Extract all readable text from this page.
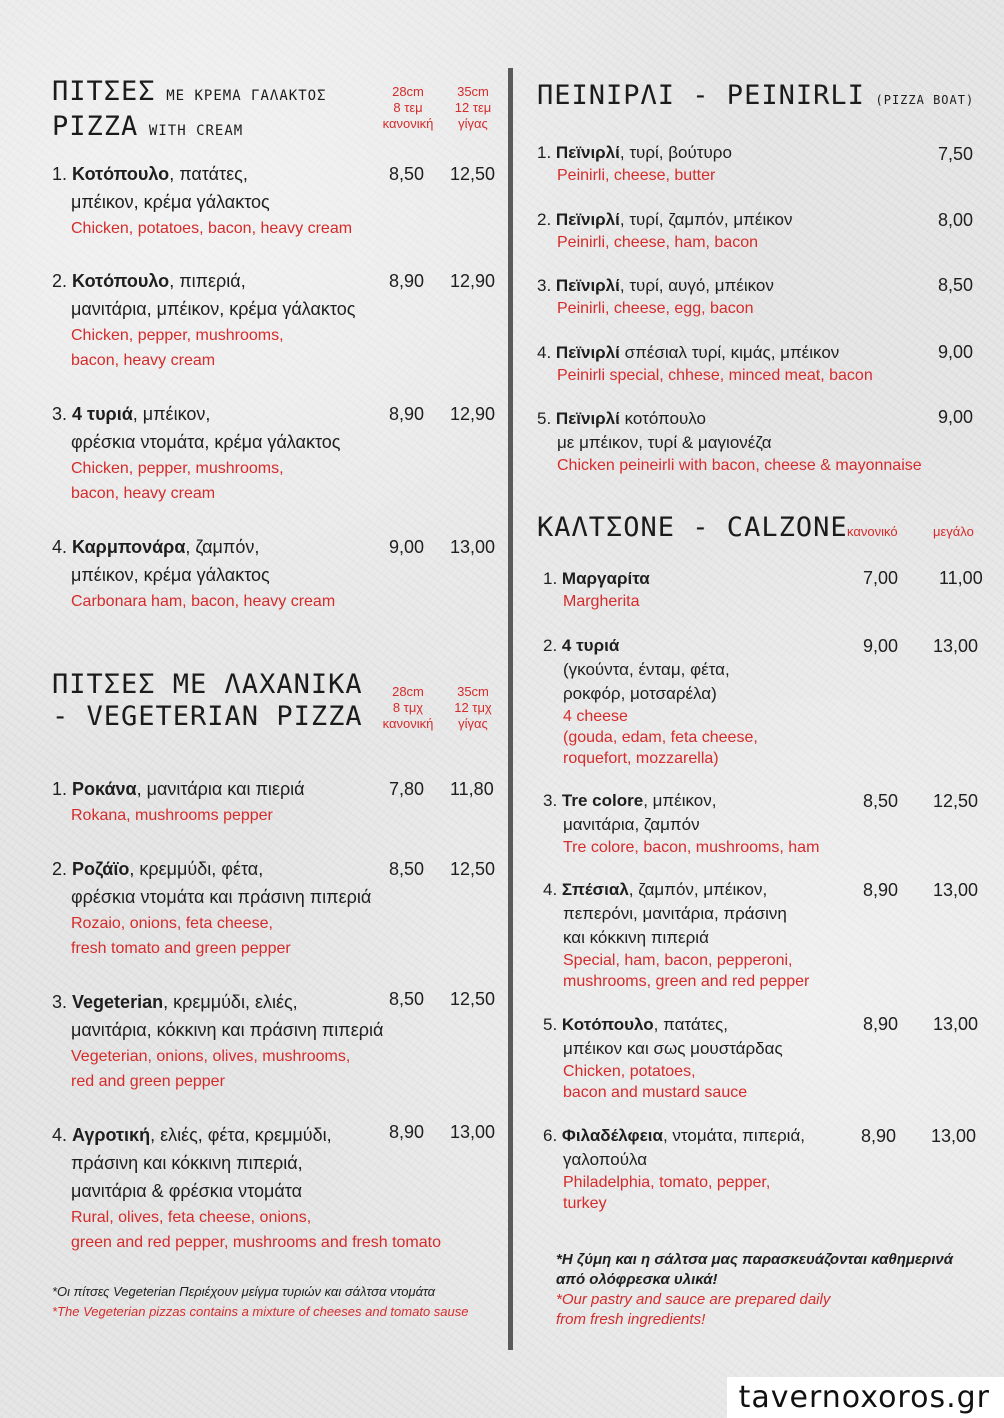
ΠΙΤΣΕΣ ΜΕ ΚΡΕΜΑ ΓΑΛΑΚΤΟΣ
PIZZA WITH CREAM
28cm
8 τεμ
κανονική
35cm
12 τεμ
γίγας
1. Κοτόπουλο, πατάτες,
μπέικον, κρέμα γάλακτος
Chicken, potatoes, bacon, heavy cream
8,50 12,50
2. Κοτόπουλο, πιπεριά,
μανιτάρια, μπέικον, κρέμα γάλακτος
Chicken, pepper, mushrooms,
bacon, heavy cream
8,90 12,90
3. 4 τυριά, μπέικον,
φρέσκια ντομάτα, κρέμα γάλακτος
Chicken, pepper, mushrooms,
bacon, heavy cream
8,90 12,90
4. Καρμπονάρα, ζαμπόν,
μπέικον, κρέμα γάλακτος
Carbonara ham, bacon, heavy cream
9,00 13,00
ΠΙΤΣΕΣ ΜΕ ΛΑΧΑΝΙΚΑ
- VEGETERIAN PIZZA
28cm
8 τμχ
κανονική
35cm
12 τμχ
γίγας
1. Ροκάνα, μανιτάρια και πιεριά
Rokana, mushrooms pepper
7,80 11,80
2. Ροζάϊο, κρεμμύδι, φέτα,
φρέσκια ντομάτα και πράσινη πιπεριά
Rozaio, onions, feta cheese,
fresh tomato and green pepper
8,50 12,50
3. Vegeterian, κρεμμύδι, ελιές,
μανιτάρια, κόκκινη και πράσινη πιπεριά
Vegeterian, onions, olives, mushrooms,
red and green pepper
8,50 12,50
4. Αγροτική, ελιές, φέτα, κρεμμύδι,
πράσινη και κόκκινη πιπεριά,
μανιτάρια & φρέσκια ντομάτα
Rural, olives, feta cheese, onions,
green and red pepper, mushrooms and fresh tomato
8,90 13,00
*Οι πίτσες Vegeterian Περιέχουν μείγμα τυριών και σάλτσα ντομάτα
*The Vegeterian pizzas contains a mixture of cheeses and tomato sause
ΠΕΙΝΙΡΛΙ - PEINIRLI (PIZZA BOAT)
1. Πεϊνιρλί, τυρί, βούτυρο
Peinirli, cheese, butter
7,50
2. Πεϊνιρλί, τυρί, ζαμπόν, μπέικον
Peinirli, cheese, ham, bacon
8,00
3. Πεϊνιρλί, τυρί, αυγό, μπέικον
Peinirli, cheese, egg, bacon
8,50
4. Πεϊνιρλί σπέσιαλ τυρί, κιμάς, μπέικον
Peinirli special, chhese, minced meat, bacon
9,00
5. Πεϊνιρλί κοτόπουλο
με μπέικον, τυρί & μαγιονέζα
Chicken peineirli with bacon, cheese & mayonnaise
9,00
ΚΑΛΤΣΟΝΕ - CALZONE κανονικό	μεγάλο
1. Μαργαρίτα
Margherita
7,00 11,00
2. 4 τυριά
(γκούντα, ένταμ, φέτα,
ροκφόρ, μοτσαρέλα)
4 cheese
(gouda, edam, feta cheese,
roquefort, mozzarella)
9,00 13,00
3. Tre colore, μπέικον,
μανιτάρια, ζαμπόν
Tre colore, bacon, mushrooms, ham
8,50 12,50
4. Σπέσιαλ, ζαμπόν, μπέικον,
πεπερόνι, μανιτάρια, πράσινη
και κόκκινη πιπεριά
Special, ham, bacon, pepperoni,
mushrooms, green and red pepper
8,90 13,00
5. Κοτόπουλο, πατάτες,
μπέικον και σως μουστάρδας
Chicken, potatoes,
bacon and mustard sauce
8,90 13,00
6. Φιλαδέλφεια, ντομάτα, πιπεριά,
γαλοπούλα
Philadelphia, tomato, pepper,
turkey
8,90 13,00
*Η ζύμη και η σάλτσα μας παρασκευάζονται καθημερινά
από ολόφρεσκα υλικά!
*Our pastry and sauce are prepared daily
from fresh ingredients!
tavernoxoros.gr
